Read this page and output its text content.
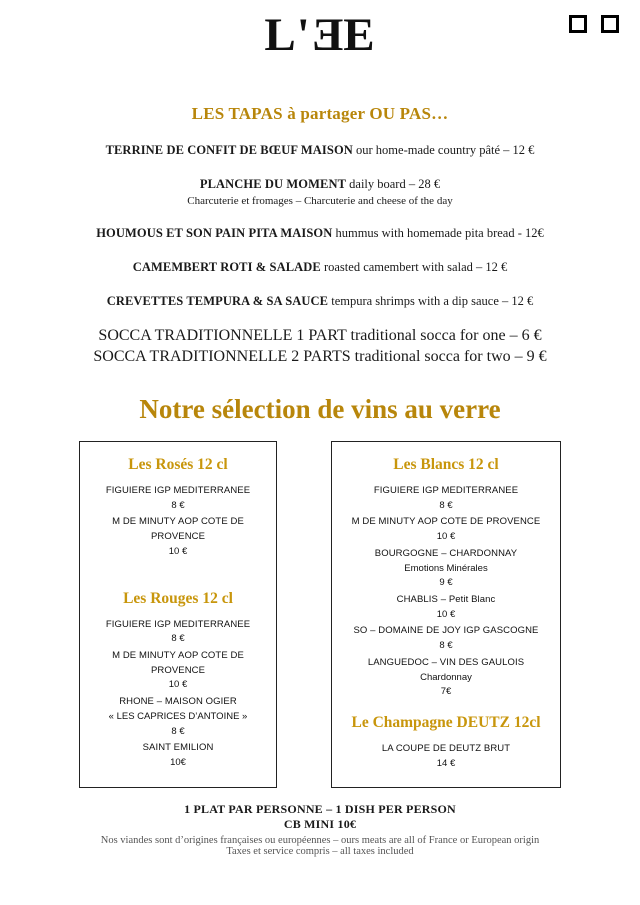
L'EE
LES TAPAS à partager OU PAS…
TERRINE DE CONFIT DE BŒUF MAISON our home-made country pâté – 12 €
PLANCHE DU MOMENT daily board – 28 €
Charcuterie et fromages – Charcuterie and cheese of the day
HOUMOUS ET SON PAIN PITA MAISON hummus with homemade pita bread - 12€
CAMEMBERT ROTI & SALADE roasted camembert with salad – 12 €
CREVETTES TEMPURA & SA SAUCE tempura shrimps with a dip sauce – 12 €
SOCCA TRADITIONNELLE 1 PART traditional socca for one – 6 €
SOCCA TRADITIONNELLE 2 PARTS traditional socca for two – 9 €
Notre sélection de vins au verre
Les Rosés 12 cl
FIGUIERE IGP MEDITERRANEE
8 €
M DE MINUTY AOP COTE DE PROVENCE
10 €
Les Rouges 12 cl
FIGUIERE IGP MEDITERRANEE
8 €
M DE MINUTY AOP COTE DE PROVENCE
10 €
RHONE – MAISON OGIER
« LES CAPRICES D’ANTOINE »
8 €
SAINT EMILION
10€
Les Blancs 12 cl
FIGUIERE IGP MEDITERRANEE
8 €
M DE MINUTY AOP COTE DE PROVENCE
10 €
BOURGOGNE – CHARDONNAY
Emotions Minérales
9 €
CHABLIS – Petit Blanc
10 €
SO – DOMAINE DE JOY IGP GASCOGNE
8 €
LANGUEDOC – VIN DES GAULOIS
Chardonnay
7€
Le Champagne DEUTZ 12cl
LA COUPE DE DEUTZ BRUT
14 €
1 PLAT PAR PERSONNE – 1 DISH PER PERSON
CB MINI 10€
Nos viandes sont d’origines françaises ou européennes – ours meats are all of France or European origin
Taxes et service compris – all taxes included
